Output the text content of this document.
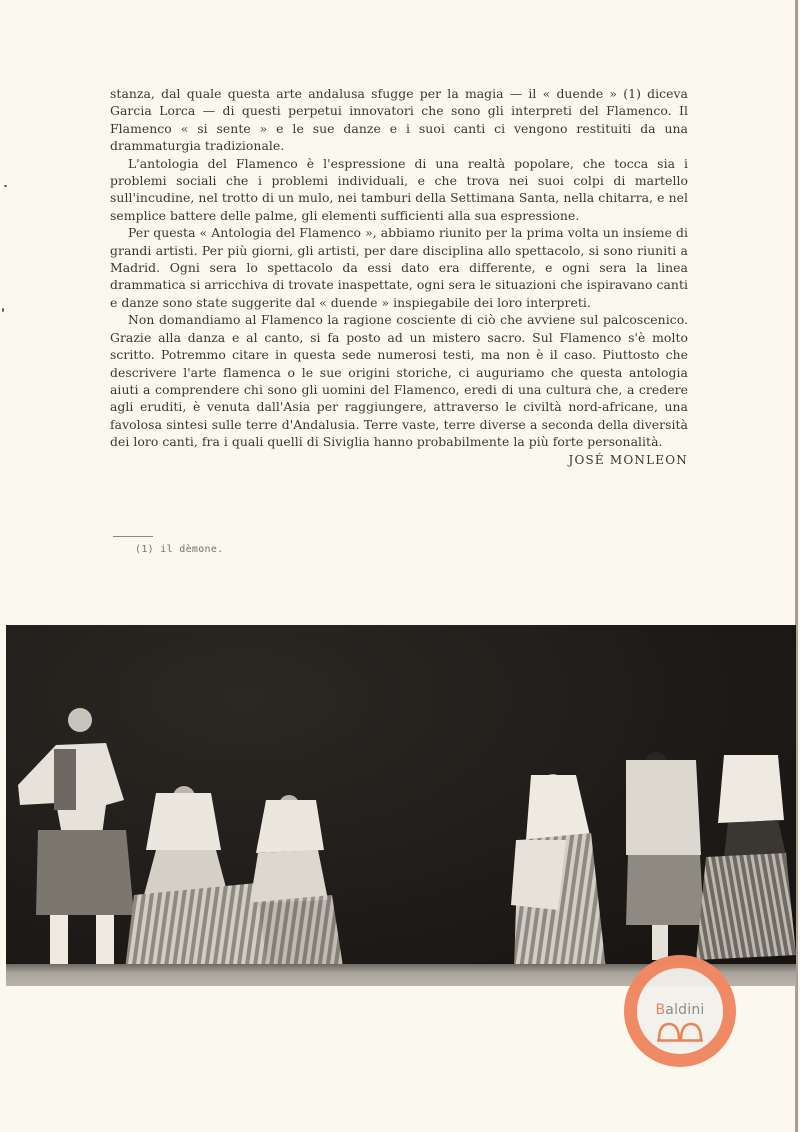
stanza, dal quale questa arte andalusa sfugge per la magia — il « duende » (1) diceva Garcia Lorca — di questi perpetui innovatori che sono gli interpreti del Flamenco. Il Flamenco « si sente » e le sue danze e i suoi canti ci vengono restituiti da una drammaturgia tradizionale.

L'antologia del Flamenco è l'espressione di una realtà popolare, che tocca sia i problemi sociali che i problemi individuali, e che trova nei suoi colpi di martello sull'incudine, nel trotto di un mulo, nei tamburi della Settimana Santa, nella chitarra, e nel semplice battere delle palme, gli elementi sufficienti alla sua espressione.

Per questa « Antologia del Flamenco », abbiamo riunito per la prima volta un insieme di grandi artisti. Per più giorni, gli artisti, per dare disciplina allo spettacolo, si sono riuniti a Madrid. Ogni sera lo spettacolo da essi dato era differente, e ogni sera la linea drammatica si arricchiva di trovate inaspettate, ogni sera le situazioni che ispiravano canti e danze sono state suggerite dal « duende » inspiegabile dei loro interpreti.

Non domandiamo al Flamenco la ragione cosciente di ciò che avviene sul palcoscenico. Grazie alla danza e al canto, si fa posto ad un mistero sacro. Sul Flamenco s'è molto scritto. Potremmo citare in questa sede numerosi testi, ma non è il caso. Piuttosto che descrivere l'arte flamenca o le sue origini storiche, ci auguriamo che questa antologia aiuti a comprendere chi sono gli uomini del Flamenco, eredi di una cultura che, a credere agli eruditi, è venuta dall'Asia per raggiungere, attraverso le civiltà nord-africane, una favolosa sintesi sulle terre d'Andalusia. Terre vaste, terre diverse a seconda della diversità dei loro canti, fra i quali quelli di Siviglia hanno probabilmente la più forte personalità.

JOSÉ MONLEON
(1) il dèmone.
Baldini
